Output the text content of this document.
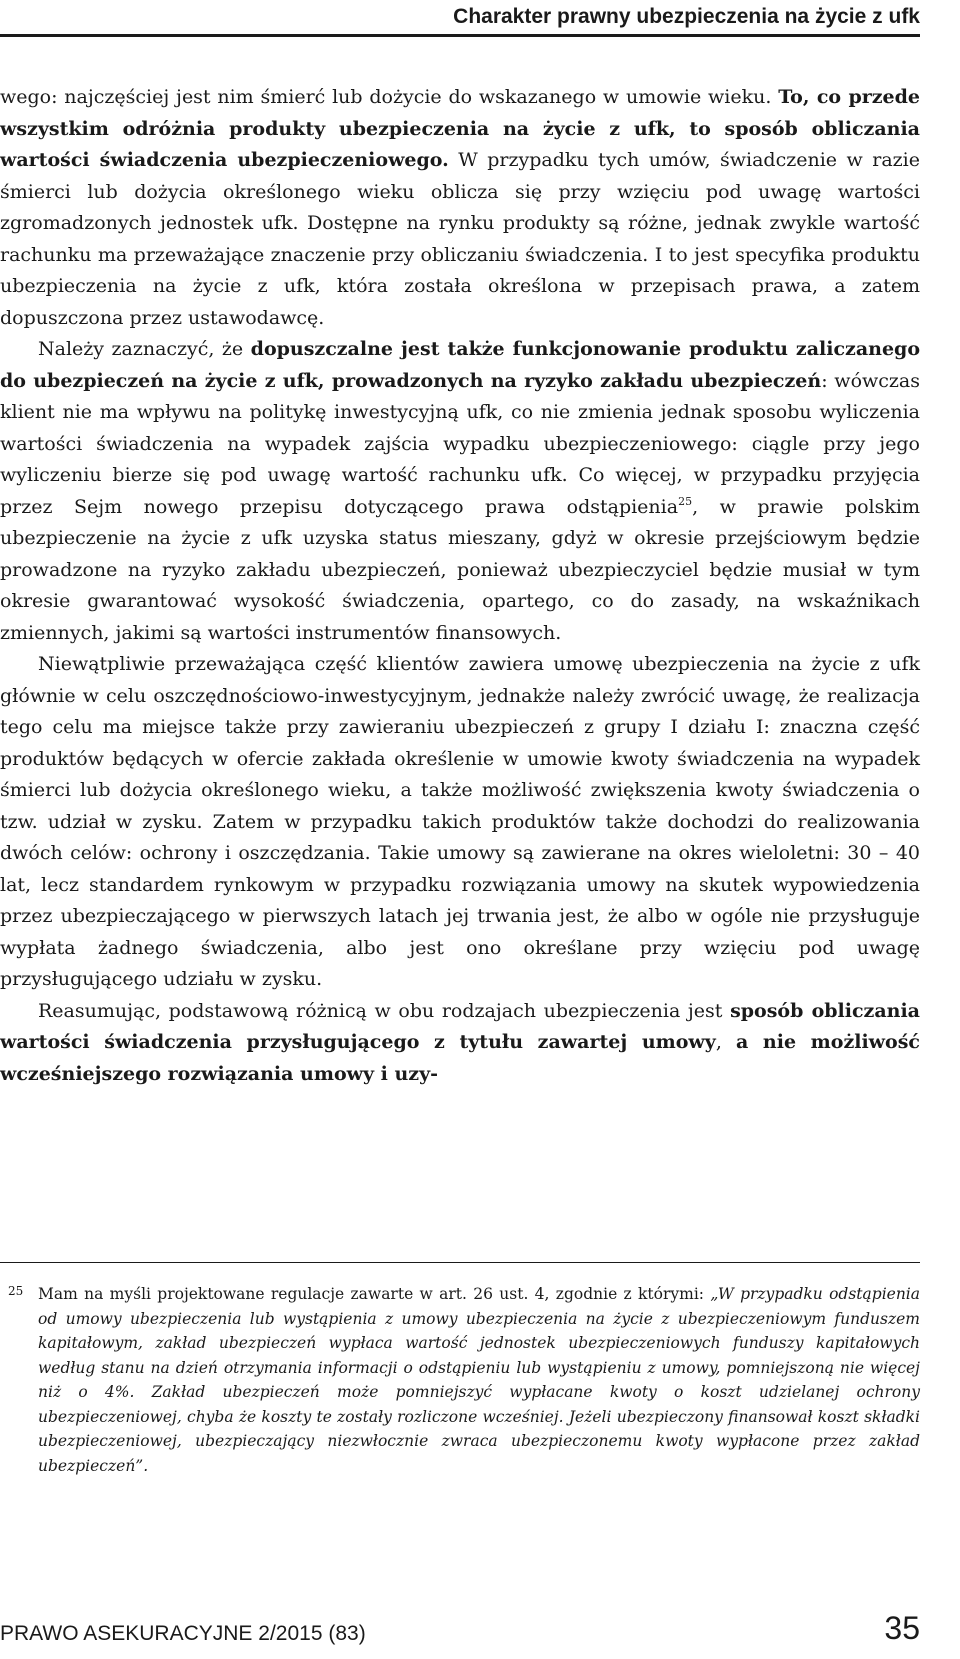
Charakter prawny ubezpieczenia na życie z ufk

wego: najczęściej jest nim śmierć lub dożycie do wskazanego w umowie wieku. To, co przede wszystkim odróżnia produkty ubezpieczenia na życie z ufk, to sposób obliczania wartości świadczenia ubezpieczeniowego. W przypadku tych umów, świadczenie w razie śmierci lub dożycia określonego wieku oblicza się przy wzięciu pod uwagę wartości zgromadzonych jednostek ufk. Dostępne na rynku produkty są różne, jednak zwykle wartość rachunku ma przeważające znaczenie przy obliczaniu świadczenia. I to jest specyfika produktu ubezpieczenia na życie z ufk, która została określona w przepisach prawa, a zatem dopuszczona przez ustawodawcę.

Należy zaznaczyć, że dopuszczalne jest także funkcjonowanie produktu zaliczanego do ubezpieczeń na życie z ufk, prowadzonych na ryzyko zakładu ubezpieczeń: wówczas klient nie ma wpływu na politykę inwestycyjną ufk, co nie zmienia jednak sposobu wyliczenia wartości świadczenia na wypadek zajścia wypadku ubezpieczeniowego: ciągle przy jego wyliczeniu bierze się pod uwagę wartość rachunku ufk. Co więcej, w przypadku przyjęcia przez Sejm nowego przepisu dotyczącego prawa odstąpienia$^{25}$, w prawie polskim ubezpieczenie na życie z ufk uzyska status mieszany, gdyż w okresie przejściowym będzie prowadzone na ryzyko zakładu ubezpieczeń, ponieważ ubezpieczyciel będzie musiał w tym okresie gwarantować wysokość świadczenia, opartego, co do zasady, na wskaźnikach zmiennych, jakimi są wartości instrumentów finansowych.

Niewątpliwie przeważająca część klientów zawiera umowę ubezpieczenia na życie z ufk głównie w celu oszczędnościowo-inwestycyjnym, jednakże należy zwrócić uwagę, że realizacja tego celu ma miejsce także przy zawieraniu ubezpieczeń z grupy I działu I: znaczna część produktów będących w ofercie zakłada określenie w umowie kwoty świadczenia na wypadek śmierci lub dożycia określonego wieku, a także możliwość zwiększenia kwoty świadczenia o tzw. udział w zysku. Zatem w przypadku takich produktów także dochodzi do realizowania dwóch celów: ochrony i oszczędzania. Takie umowy są zawierane na okres wieloletni: 30 – 40 lat, lecz standardem rynkowym w przypadku rozwiązania umowy na skutek wypowiedzenia przez ubezpieczającego w pierwszych latach jej trwania jest, że albo w ogóle nie przysługuje wypłata żadnego świadczenia, albo jest ono określane przy wzięciu pod uwagę przysługującego udziału w zysku.

Reasumując, podstawową różnicą w obu rodzajach ubezpieczenia jest sposób obliczania wartości świadczenia przysługującego z tytułu zawartej umowy, a nie możliwość wcześniejszego rozwiązania umowy i uzy-

25 Mam na myśli projektowane regulacje zawarte w art. 26 ust. 4, zgodnie z którymi: „W przypadku odstąpienia od umowy ubezpieczenia lub wystąpienia z umowy ubezpieczenia na życie z ubezpieczeniowym funduszem kapitałowym, zakład ubezpieczeń wypłaca wartość jednostek ubezpieczeniowych funduszy kapitałowych według stanu na dzień otrzymania informacji o odstąpieniu lub wystąpieniu z umowy, pomniejszoną nie więcej niż o 4%. Zakład ubezpieczeń może pomniejszyć wypłacane kwoty o koszt udzielanej ochrony ubezpieczeniowej, chyba że koszty te zostały rozliczone wcześniej. Jeżeli ubezpieczony finansował koszt składki ubezpieczeniowej, ubezpieczający niezwłocznie zwraca ubezpieczonemu kwoty wypłacone przez zakład ubezpieczeń”.
PRAWO ASEKURACYJNE 2/2015 (83)	35
